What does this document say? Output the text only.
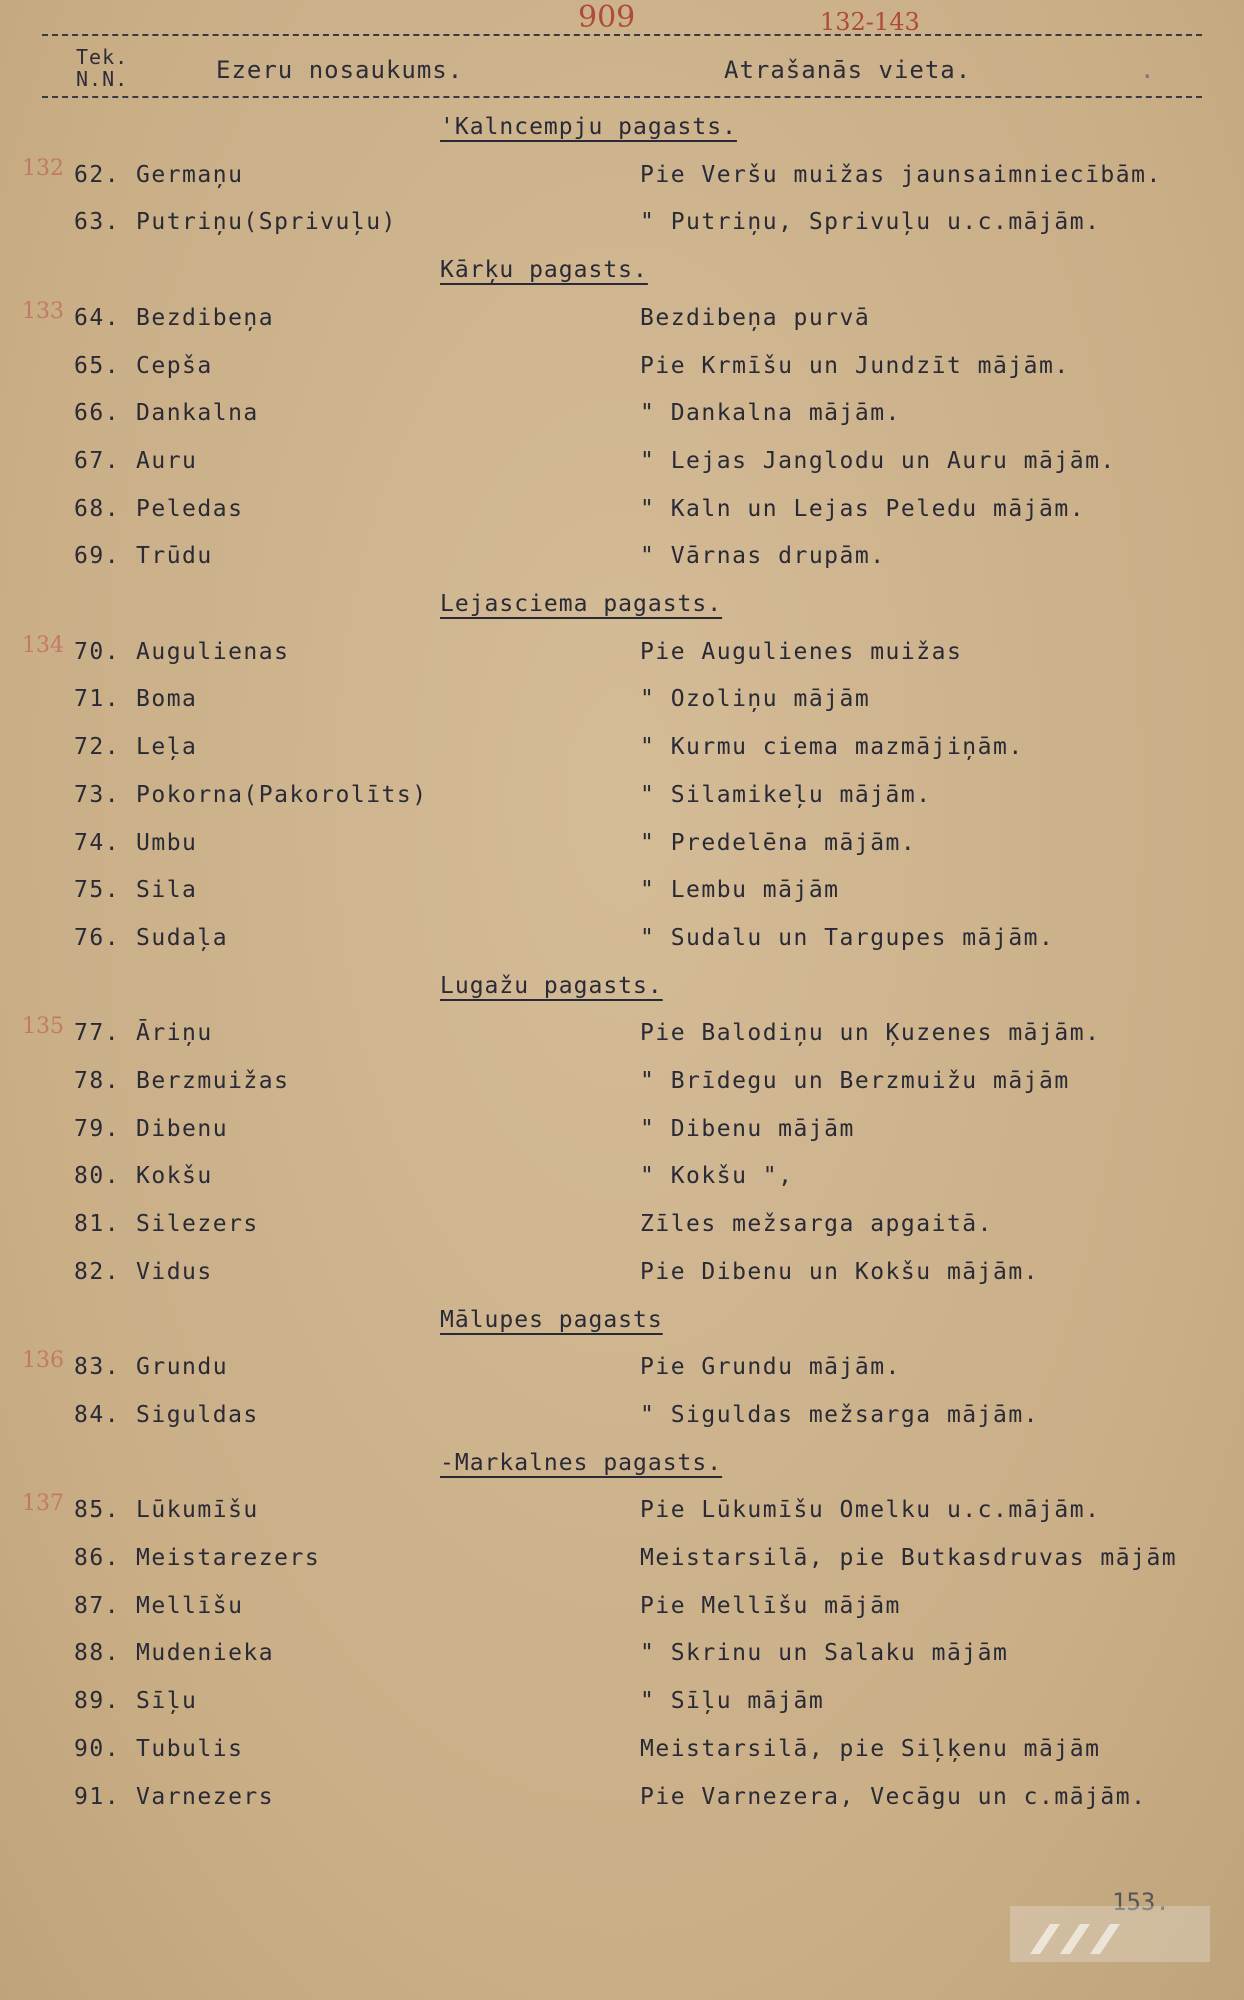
909	132-143
Tek.
N.N.	Ezeru nosaukums.	Atrašanās vieta.	.
'Kalncempju pagasts.
62. Germaņu	Pie Veršu muižas jaunsaimniecībām.
132
63. Putriņu(Sprivuļu)	" Putriņu, Sprivuļu u.c.mājām.
Kārķu pagasts.
64. Bezdibeņa	Bezdibeņa purvā
133
65. Cepša	Pie Krmīšu un Jundzīt mājām.
66. Dankalna	" Dankalna mājām.
67. Auru	" Lejas Janglodu un Auru mājām.
68. Peledas	" Kaln un Lejas Peledu mājām.
69. Trūdu	" Vārnas drupām.
Lejasciema pagasts.
70. Augulienas	Pie Augulienes muižas
134
71. Boma	" Ozoliņu mājām
72. Leļa	" Kurmu ciema mazmājiņām.
73. Pokorna(Pakorolīts)	" Silamikeļu mājām.
74. Umbu	" Predelēna mājām.
75. Sila	" Lembu mājām
76. Sudaļa	" Sudalu un Targupes mājām.
Lugažu pagasts.
77. Āriņu	Pie Balodiņu un Ķuzenes mājām.
135
78. Berzmuižas	" Brīdegu un Berzmuižu mājām
79. Dibenu	" Dibenu mājām
80. Kokšu	" Kokšu ",
81. Silezers	Zīles mežsarga apgaitā.
82. Vidus	Pie Dibenu un Kokšu mājām.
Mālupes pagasts
83. Grundu	Pie Grundu mājām.
136
84. Siguldas	" Siguldas mežsarga mājām.
-Markalnes pagasts.
85. Lūkumīšu	Pie Lūkumīšu Omelku u.c.mājām.
137
86. Meistarezers	Meistarsilā, pie Butkasdruvas mājām
87. Mellīšu	Pie Mellīšu mājām
88. Mudenieka	" Skrinu un Salaku mājām
89. Sīļu	" Sīļu mājām
90. Tubulis	Meistarsilā, pie Siļķenu mājām
91. Varnezers	Pie Varnezera, Vecāgu un c.mājām.
153.
